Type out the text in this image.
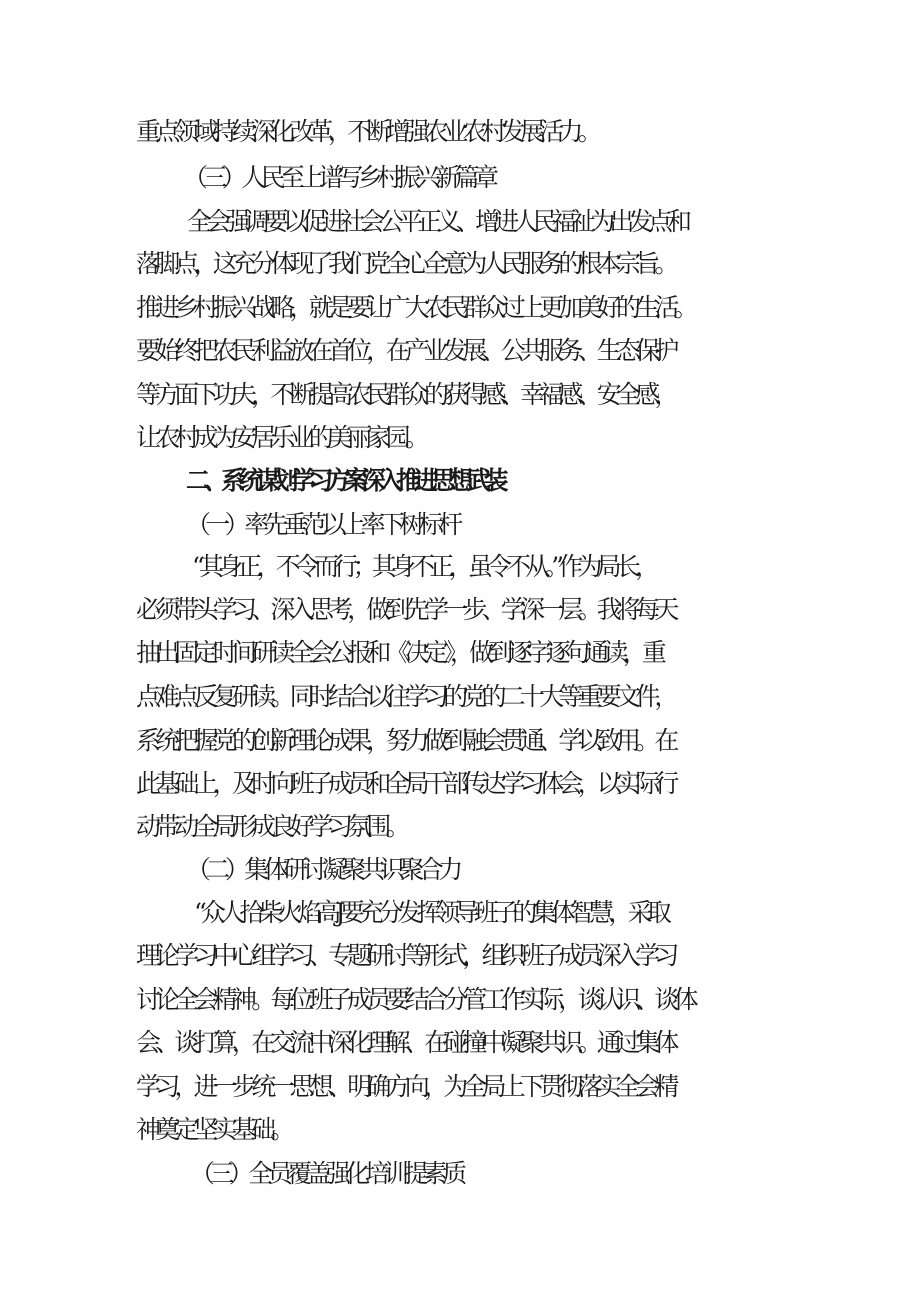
重点领域持续深化改革，不断增强农业农村发展活力。
（三）人民至上谱写乡村振兴新篇章
全会强调要以促进社会公平正义、增进人民福祉为出发点和
落脚点，这充分体现了我们党全心全意为人民服务的根本宗旨。
推进乡村振兴战略，就是要让广大农民群众过上更加美好的生活。
要始终把农民利益放在首位，在产业发展、公共服务、生态保护
等方面下功夫，不断提高农民群众的获得感、幸福感、安全感，
让农村成为安居乐业的美丽家园。
二、系统谋划学习方案深入推进思想武装
（一）率先垂范以上率下树标杆
“其身正，不令而行；其身不正，虽令不从。”作为局长，
必须带头学习、深入思考，做到先学一步、学深一层。我将每天
抽出固定时间研读全会公报和《决定》，做到逐字逐句通读，重
点难点反复研读。同时结合以往学习的党的二十大等重要文件，
系统把握党的创新理论成果，努力做到融会贯通、学以致用。在
此基础上，及时向班子成员和全局干部传达学习体会，以实际行
动带动全局形成良好学习氛围。
（二）集体研讨凝聚共识聚合力
“众人拾柴火焰高J要充分发挥领导班子的集体智慧，采取
理论学习中心组学习、专题研讨等形式，组织班子成员深入学习
讨论全会精神。每位班子成员要结合分管工作实际，谈认识、谈体
会、谈打算，在交流中深化理解、在碰撞中凝聚共识。通过集体
学习，进一步统一思想、明确方向，为全局上下贯彻落实全会精
神奠定坚实基础。
（三）全员覆盖强化培训提素质
